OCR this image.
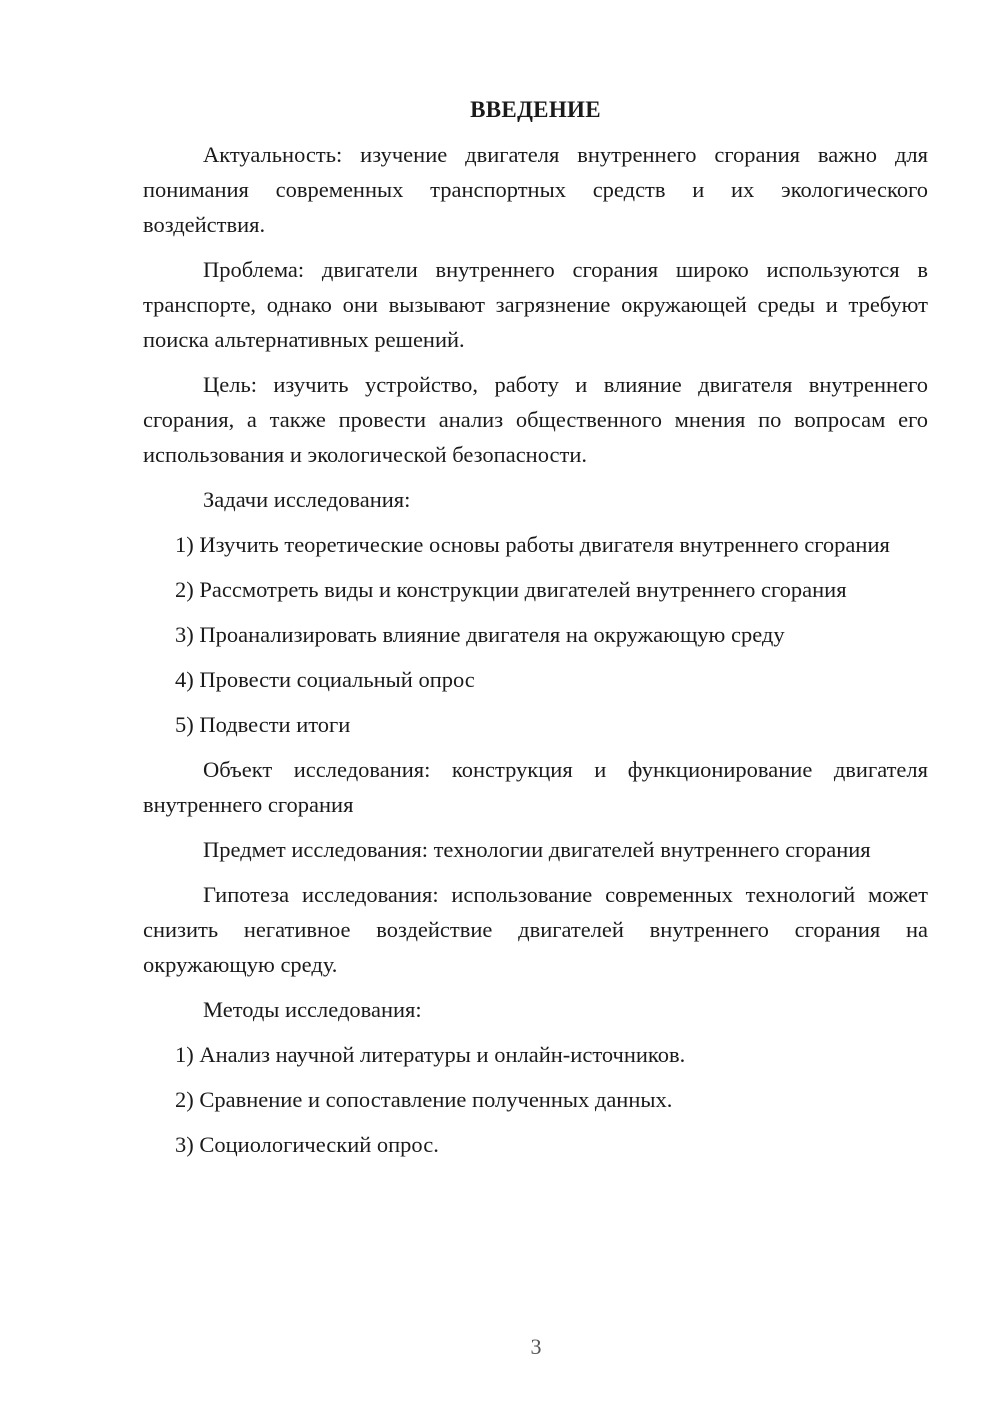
ВВЕДЕНИЕ

Актуальность: изучение двигателя внутреннего сгорания важно для понимания современных транспортных средств и их экологического воздействия.

Проблема: двигатели внутреннего сгорания широко используются в транспорте, однако они вызывают загрязнение окружающей среды и требуют поиска альтернативных решений.

Цель: изучить устройство, работу и влияние двигателя внутреннего сгорания, а также провести анализ общественного мнения по вопросам его использования и экологической безопасности.

Задачи исследования:

1) Изучить теоретические основы работы двигателя внутреннего сгорания

2) Рассмотреть виды и конструкции двигателей внутреннего сгорания

3) Проанализировать влияние двигателя на окружающую среду

4) Провести социальный опрос

5) Подвести итоги

Объект исследования: конструкция и функционирование двигателя внутреннего сгорания

Предмет исследования: технологии двигателей внутреннего сгорания

Гипотеза исследования: использование современных технологий может снизить негативное воздействие двигателей внутреннего сгорания на окружающую среду.

Методы исследования:

1) Анализ научной литературы и онлайн-источников.

2) Сравнение и сопоставление полученных данных.

3) Социологический опрос.

3
